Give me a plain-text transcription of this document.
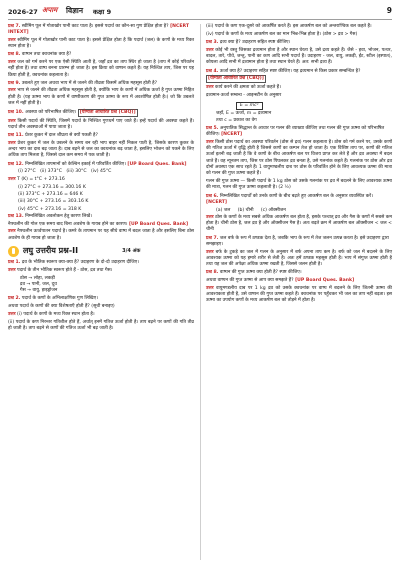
2026-27 अपाम विज्ञान कक्षा 9	9
प्रश्न 7. स्वीमिंग पूल में गोताखोर पानी काट पाता है। इससे पदार्थ का कौन-सा गुण प्रेक्षित होता है? [NCERT INTEXT]
उत्तर स्वीमिंग पूल में गोताखोर पानी काट पाता है। इससे प्रेक्षित होता है कि पदार्थ (जल) के कणों के मध्य रिक्त स्थान होता है।
प्रश्न 8. वाष्पन तथा क्वथनांक क्या है?
उत्तर जल को गर्म करने पर एक ऐसी स्थिति आती है, जहाँ द्रव का ताप स्थिर हो जाता है (ताप में कोई परिवर्तन नहीं होता है) तथा वाष्प बनना प्रारम्भ हो जाता है। इस क्रिया को वाष्पन कहते हैं। यह निश्चित ताप, जिस पर यह क्रिया होती है, क्वथनांक कहलाता है।
प्रश्न 9. उबलते हुए जल अथवा भाप में से जलने की तीव्रता किसमें अधिक महसूस होती है?
उत्तर भाप से जलने की तीव्रता अधिक महसूस होती है, क्योंकि भाप के कणों में अधिक ऊर्जा है गुप्त ऊष्मा निहित होती है। (यह ऊष्मा भाप के कणों में वाष्पीकरण की गुप्त ऊष्मा के रूप में अवशोषित होती है।) जो कि उबलते जल में नहीं होती है।
प्रश्न 10. अवस्था को परिभाषित कीजिए। [योग्यता आधारित प्रश्न (CBQ)]
उत्तर किसी पदार्थ की स्थिति, जिसमें पदार्थ के निश्चित गुणधर्म पाए जाते हैं। इन्हें पदार्थ की अवस्था कहते हैं। पदार्थ तीन अवस्थाओं में पाया जाता है।
प्रश्न 11. प्रेशर कुकर में दाल शीघ्रता से क्यों पकती है?
उत्तर प्रेशर कुकर में जल के उबलने के समय बन रही भाप बाहर नहीं निकल पाती है, जिसके कारण कुकर के अन्दर भाप का दाब बढ़ जाता है। दाब बढ़ने से जल का क्वथनांक बढ़ जाता है, इसलिए भोजन को पकने के लिए अधिक ताप मिलता है, जिससे दाल कम समय में पक जाती है।
प्रश्न 12. निम्नलिखित तापमानों को केल्विन इकाई में परिवर्तित कीजिए। [UP Board Ques. Bank]
(i) 27°C (ii) 373°C (iii) 30°C (iv) 45°C
उत्तर T (K) = t°C + 273.16
(i) 27°C + 273.16 = 300.16 K
(ii) 373°C + 273.16 = 646 K
(iii) 30°C + 273.16 = 303.16 K
(iv) 45°C + 273.16 = 318 K
प्रश्न 13. निम्नलिखित अवलोकन हेतु कारण लिखें।
नैफ्थलीन की गोल एक समय बाद बिना अवशेष के गायब होने का कारण। [UP Board Ques. Bank]
उत्तर नैफ्थलीन ऊर्ध्वपातन पदार्थ है। कमरे के तापमान पर यह सीधे वाष्प में बदल जाता है और इसलिए बिना ठोस अवशेष के ही गायब हो जाता है।
लघु उत्तरीय प्रश्न-II	3/4 अंक
प्रश्न 1. द्रव के भौतिक स्वरूप क्या-क्या है? उदाहरण के दो-दो उदाहरण दीजिए।
उत्तर पदार्थ के तीन भौतिक स्वरूप होते हैं - ठोस, द्रव तथा गैस।
ठोस → लोहा, लकड़ी
द्रव → पानी, जल, दूध
गैस → वायु, हाइड्रोजन
प्रश्न 2. पदार्थ के कणों के अभिलाक्षणिक गुण लिखिए।
अथवा पदार्थ के कणों की क्या विशेषताएँ होती हैं? (सूची बनाइए)
उत्तर (i) पदार्थ के कणों के मध्य रिक्त स्थान होता है।
(ii) पदार्थ के कण निरन्तर गतिशील होते हैं, अर्थात् इनमें गतिज ऊर्जा होती है। ताप बढ़ने पर कणों की गति तीव्र हो जाती है। ताप बढ़ने से कणों की गतिज ऊर्जा भी बढ़ जाती है।
(iii) पदार्थ के कण एक-दूसरे को आकर्षित करते हैं। इस आकर्षण बल को अन्तराण्विक बल कहते हैं।
(iv) पदार्थ के कणों के मध्य आकर्षण बल का मान भिन्न-भिन्न होता है। (ठोस > द्रव > गैस)
प्रश्न 3. द्रव्य क्या है? उदाहरण सहित स्पष्ट कीजिए।
उत्तर कोई भी वस्तु जिसका द्रव्यमान होता है और स्थान घेरता है, उसे द्रव्य कहते हैं। जैसे - हवा, भोजन, पत्थर, बादल, तारे, पौधे, जन्तु, पानी का कण आदि सभी पदार्थ हैं। उदाहरण - जल, वायु, लकड़ी, ईंट, स्टील (इस्पात), कोयला आदि सभी में द्रव्यमान होता है तथा स्थान घेरते हैं। अत: सभी द्रव्य हैं।
प्रश्न 4. ऊर्जा क्या है? उदाहरण सहित स्पष्ट कीजिए। यह द्रव्यमान से किस प्रकार सम्बन्धित है? [योग्यता आधारित प्रश्न (CBQ)]
उत्तर कार्य करने की क्षमता को ऊर्जा कहते हैं।
द्रव्यमान-ऊर्जा सम्बन्ध - आइन्स्टीन के अनुसार
E = mc²
जहाँ, E = ऊर्जा, m = द्रव्यमान
तथा c = प्रकाश का वेग
प्रश्न 5. अनुपातिक सिद्धान्त के आधार पर गलन की व्याख्या कीजिए तथा गलन की गुप्त ऊष्मा को परिभाषित कीजिए। [NCERT]
उत्तर किसी ठोस पदार्थ का अवस्था परिवर्तन (ठोस से द्रव) गलन कहलाता है। ठोस को गर्म करने पर, उसके कणों की गतिज ऊर्जा में वृद्धि होती है जिससे कणों का कम्पन तेज हो जाता है। एक विशिष्ट ताप पर, कणों की गतिज ऊर्जा इतनी बढ़ जाती है कि वे कणों के बीच आकर्षण बल पर विजय प्राप्त कर लेते हैं और द्रव अवस्था में बदल जाते हैं। वह न्यूनतम ताप, जिस पर ठोस पिघलकर द्रव बनता है, उसे गलनांक कहते हैं। गलनांक पर ठोस और द्रव दोनों अवस्था एक साथ रहते हैं। 1 वायुमण्डलीय दाब पर ठोस के परिवर्तित होने के लिए आवश्यक ऊष्मा की मात्रा को गलन की गुप्त ऊष्मा कहते हैं।
गलन की गुप्त ऊष्मा — किसी पदार्थ के 1 kg ठोस को उसके गलनांक पर द्रव में बदलने के लिए आवश्यक ऊष्मा की मात्रा, गलन की गुप्त ऊष्मा कहलाती है। (2 ½)
प्रश्न 6. निम्नलिखित पदार्थों को उनके कणों के बीच बढ़ते हुए आकर्षण बल के अनुसार व्यवस्थित करें। [NCERT]
(a) जल (b) चीनी (c) ऑक्सीजन
उत्तर ठोस के कणों के मध्य सबसे अधिक आकर्षण बल होता है, इसके पश्चात् द्रव और गैस के कणों में सबसे कम होता है। चीनी ठोस है, जल द्रव है और ऑक्सीजन गैस है। अतः बढ़ते क्रम में आकर्षण बल ऑक्सीजन < जल < चीनी
प्रश्न 7. जल बर्फ के रूप में ठण्डक देता है, जबकि भाप के रूप में तेज जलन उत्पन्न करता है। इसे उदाहरण द्वारा समझाइए।
उत्तर बर्फ के टुकड़े का जल में गलन के अनुसार में बर्फ अपना ताप कम है। बर्फ को जल में बदलने के लिए आवश्यक ऊष्मा को यह हमारे शरीर से लेती है। अतः हमें ठण्डक महसूस होती है। भाप में संगुप्त ऊष्मा होती है तथा यह जल की अपेक्षा अधिक ऊष्मा रखती है, जिससे जलन होती है।
प्रश्न 8. वाष्पन की गुप्त ऊष्मा क्या होती है? स्पष्ट कीजिए।
अथवा वाष्पन की गुप्त ऊष्मा से आप क्या समझते हैं? [UP Board Ques. Bank]
उत्तर वायुमण्डलीय दाब पर 1 kg द्रव को उसके क्वथनांक पर वाष्प में बदलने के लिए जितनी ऊष्मा की आवश्यकता होती है, उसे वाष्पन की गुप्त ऊष्मा कहते हैं। क्वथनांक पर पहुँचकर भी जल का ताप नहीं बढ़ता। इस ऊष्मा का उपयोग कणों के मध्य आकर्षण बल को तोड़ने में होता है।
